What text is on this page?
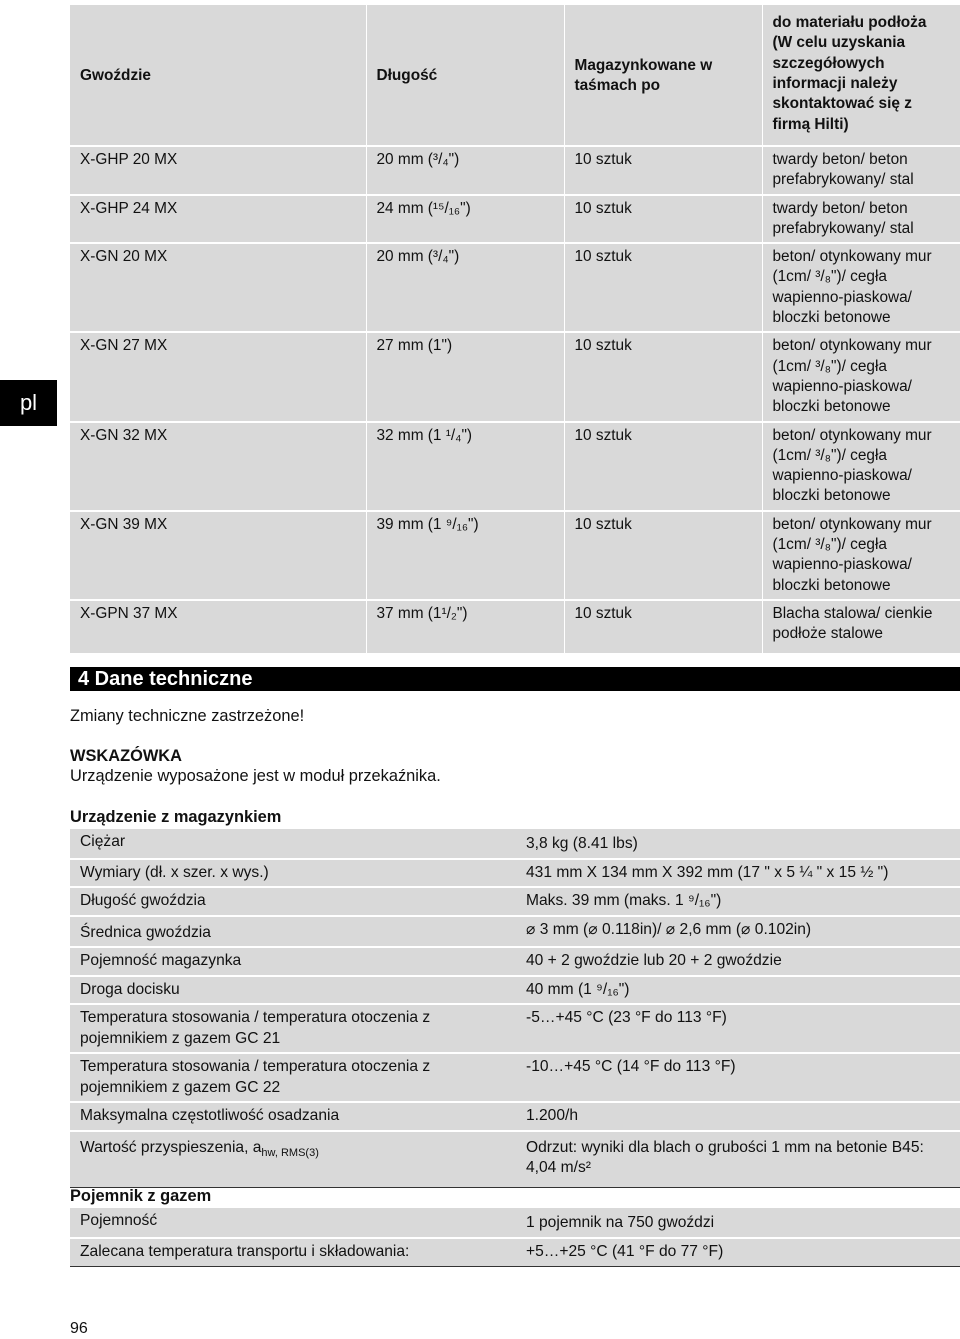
pl
Gwoździe	Długość	Magazynkowane w taśmach po	do materiału podłoża (W celu uzyskania szczegółowych informacji należy skontaktować się z firmą Hilti)
X-GHP 20 MX	20 mm (³/₄")	10 sztuk	twardy beton/ beton prefabrykowany/ stal
X-GHP 24 MX	24 mm (¹⁵/₁₆")	10 sztuk	twardy beton/ beton prefabrykowany/ stal
X-GN 20 MX	20 mm (³/₄")	10 sztuk	beton/ otynkowany mur (1cm/ ³/₈")/ cegła wapienno-piaskowa/ bloczki betonowe
X-GN 27 MX	27 mm (1")	10 sztuk	beton/ otynkowany mur (1cm/ ³/₈")/ cegła wapienno-piaskowa/ bloczki betonowe
X-GN 32 MX	32 mm (1 ¹/₄")	10 sztuk	beton/ otynkowany mur (1cm/ ³/₈")/ cegła wapienno-piaskowa/ bloczki betonowe
X-GN 39 MX	39 mm (1 ⁹/₁₆")	10 sztuk	beton/ otynkowany mur (1cm/ ³/₈")/ cegła wapienno-piaskowa/ bloczki betonowe
X-GPN 37 MX	37 mm (1¹/₂")	10 sztuk	Blacha stalowa/ cienkie podłoże stalowe
4 Dane techniczne
Zmiany techniczne zastrzeżone!
WSKAZÓWKA
Urządzenie wyposażone jest w moduł przekaźnika.
Urządzenie z magazynkiem
Ciężar	3,8 kg (8.41 lbs)
Wymiary (dł. x szer. x wys.)	431 mm X 134 mm X 392 mm (17 " x 5 ¼ " x 15 ½ ")
Długość gwoździa	Maks. 39 mm (maks. 1 ⁹/₁₆")
Średnica gwoździa	⌀ 3 mm (⌀ 0.118in)/ ⌀ 2,6 mm (⌀ 0.102in)
Pojemność magazynka	40 + 2 gwoździe lub 20 + 2 gwoździe
Droga docisku	40 mm (1 ⁹/₁₆")
Temperatura stosowania / temperatura otoczenia z pojemnikiem z gazem GC 21	-5…+45 °C (23 °F do 113 °F)
Temperatura stosowania / temperatura otoczenia z pojemnikiem z gazem GC 22	-10…+45 °C (14 °F do 113 °F)
Maksymalna częstotliwość osadzania	1.200/h
Wartość przyspieszenia, $a_{hw, RMS(3)}$	Odrzut: wyniki dla blach o grubości 1 mm na betonie B45: 4,04 m/s²
Pojemnik z gazem
Pojemność	1 pojemnik na 750 gwoździ
Zalecana temperatura transportu i składowania:	+5…+25 °C (41 °F do 77 °F)
96
